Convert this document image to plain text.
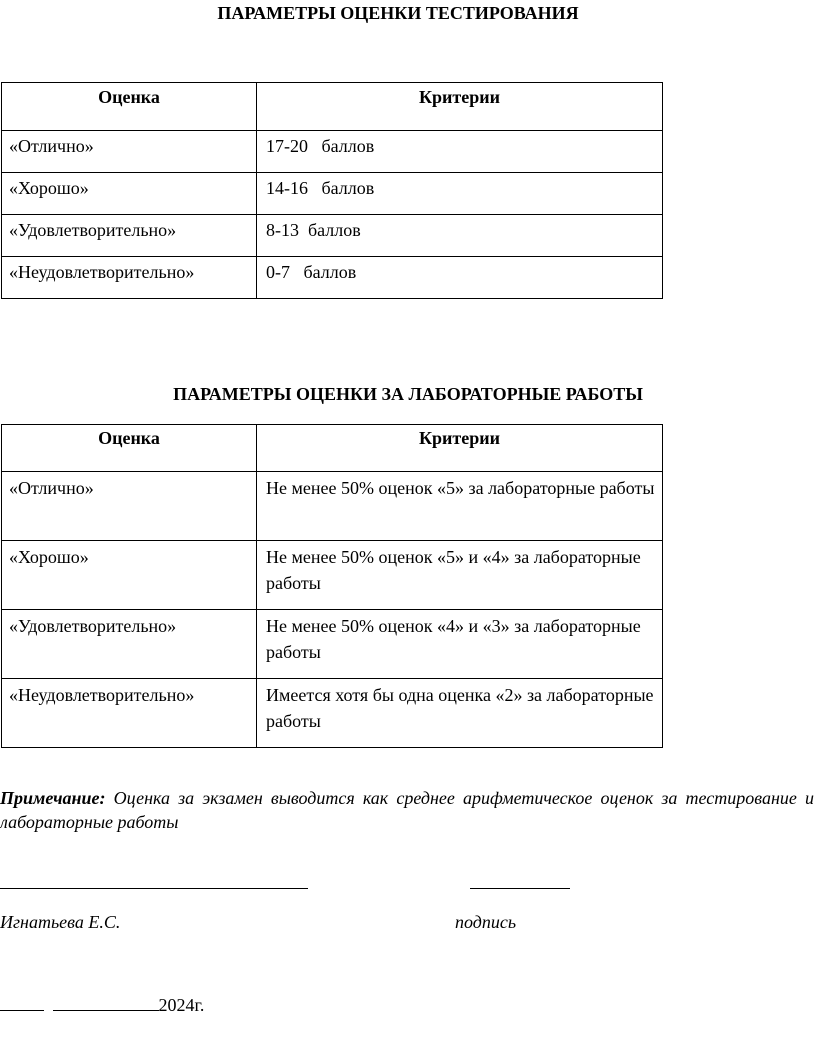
ПАРАМЕТРЫ ОЦЕНКИ ТЕСТИРОВАНИЯ
Оценка	Критерии
«Отлично»	17-20   баллов
«Хорошо»	14-16   баллов
«Удовлетворительно»	8-13  баллов
«Неудовлетворительно»	0-7   баллов
ПАРАМЕТРЫ ОЦЕНКИ ЗА ЛАБОРАТОРНЫЕ РАБОТЫ
Оценка	Критерии
«Отлично»	Не менее 50% оценок «5» за лабораторные работы
«Хорошо»	Не менее 50% оценок «5» и «4» за лабораторные работы
«Удовлетворительно»	Не менее 50% оценок «4» и «3» за лабораторные работы
«Неудовлетворительно»	Имеется хотя бы одна оценка «2» за лабораторные работы
Примечание: Оценка за экзамен выводится как среднее арифметическое оценок за тестирование и лабораторные работы
Игнатьева Е.С.	подпись
2024г.
